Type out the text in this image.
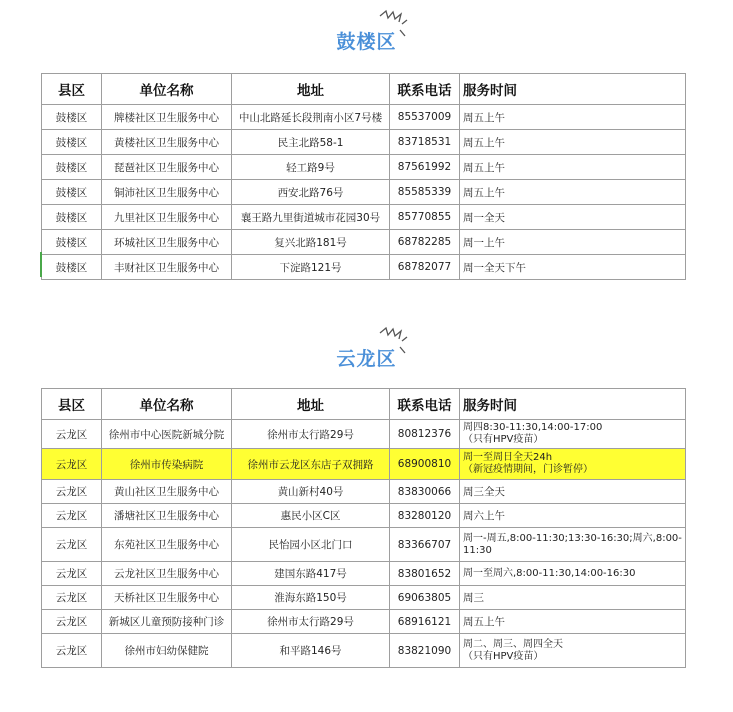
鼓楼区
县区	单位名称	地址	联系电话	服务时间
鼓楼区	牌楼社区卫生服务中心	中山北路延长段荆南小区7号楼	85537009	周五上午
鼓楼区	黄楼社区卫生服务中心	民主北路58-1	83718531	周五上午
鼓楼区	琵琶社区卫生服务中心	轻工路9号	87561992	周五上午
鼓楼区	铜沛社区卫生服务中心	西安北路76号	85585339	周五上午
鼓楼区	九里社区卫生服务中心	襄王路九里街道城市花园30号	85770855	周一全天
鼓楼区	环城社区卫生服务中心	复兴北路181号	68782285	周一上午
鼓楼区	丰财社区卫生服务中心	下淀路121号	68782077	周一全天下午
云龙区
县区	单位名称	地址	联系电话	服务时间
云龙区	徐州市中心医院新城分院	徐州市太行路29号	80812376	周四8:30-11:30,14:00-17:00
（只有HPV疫苗）
云龙区	徐州市传染病院	徐州市云龙区东店子双拥路	68900810	周一至周日全天24h
（新冠疫情期间，门诊暂停）
云龙区	黄山社区卫生服务中心	黄山新村40号	83830066	周三全天
云龙区	潘塘社区卫生服务中心	惠民小区C区	83280120	周六上午
云龙区	东苑社区卫生服务中心	民怡园小区北门口	83366707	周一-周五,8:00-11:30;13:30-16:30;周六,8:00-11:30
云龙区	云龙社区卫生服务中心	建国东路417号	83801652	周一至周六,8:00-11:30,14:00-16:30
云龙区	天桥社区卫生服务中心	淮海东路150号	69063805	周三
云龙区	新城区儿童预防接种门诊	徐州市太行路29号	68916121	周五上午
云龙区	徐州市妇幼保健院	和平路146号	83821090	周二、周三、周四全天
（只有HPV疫苗）
